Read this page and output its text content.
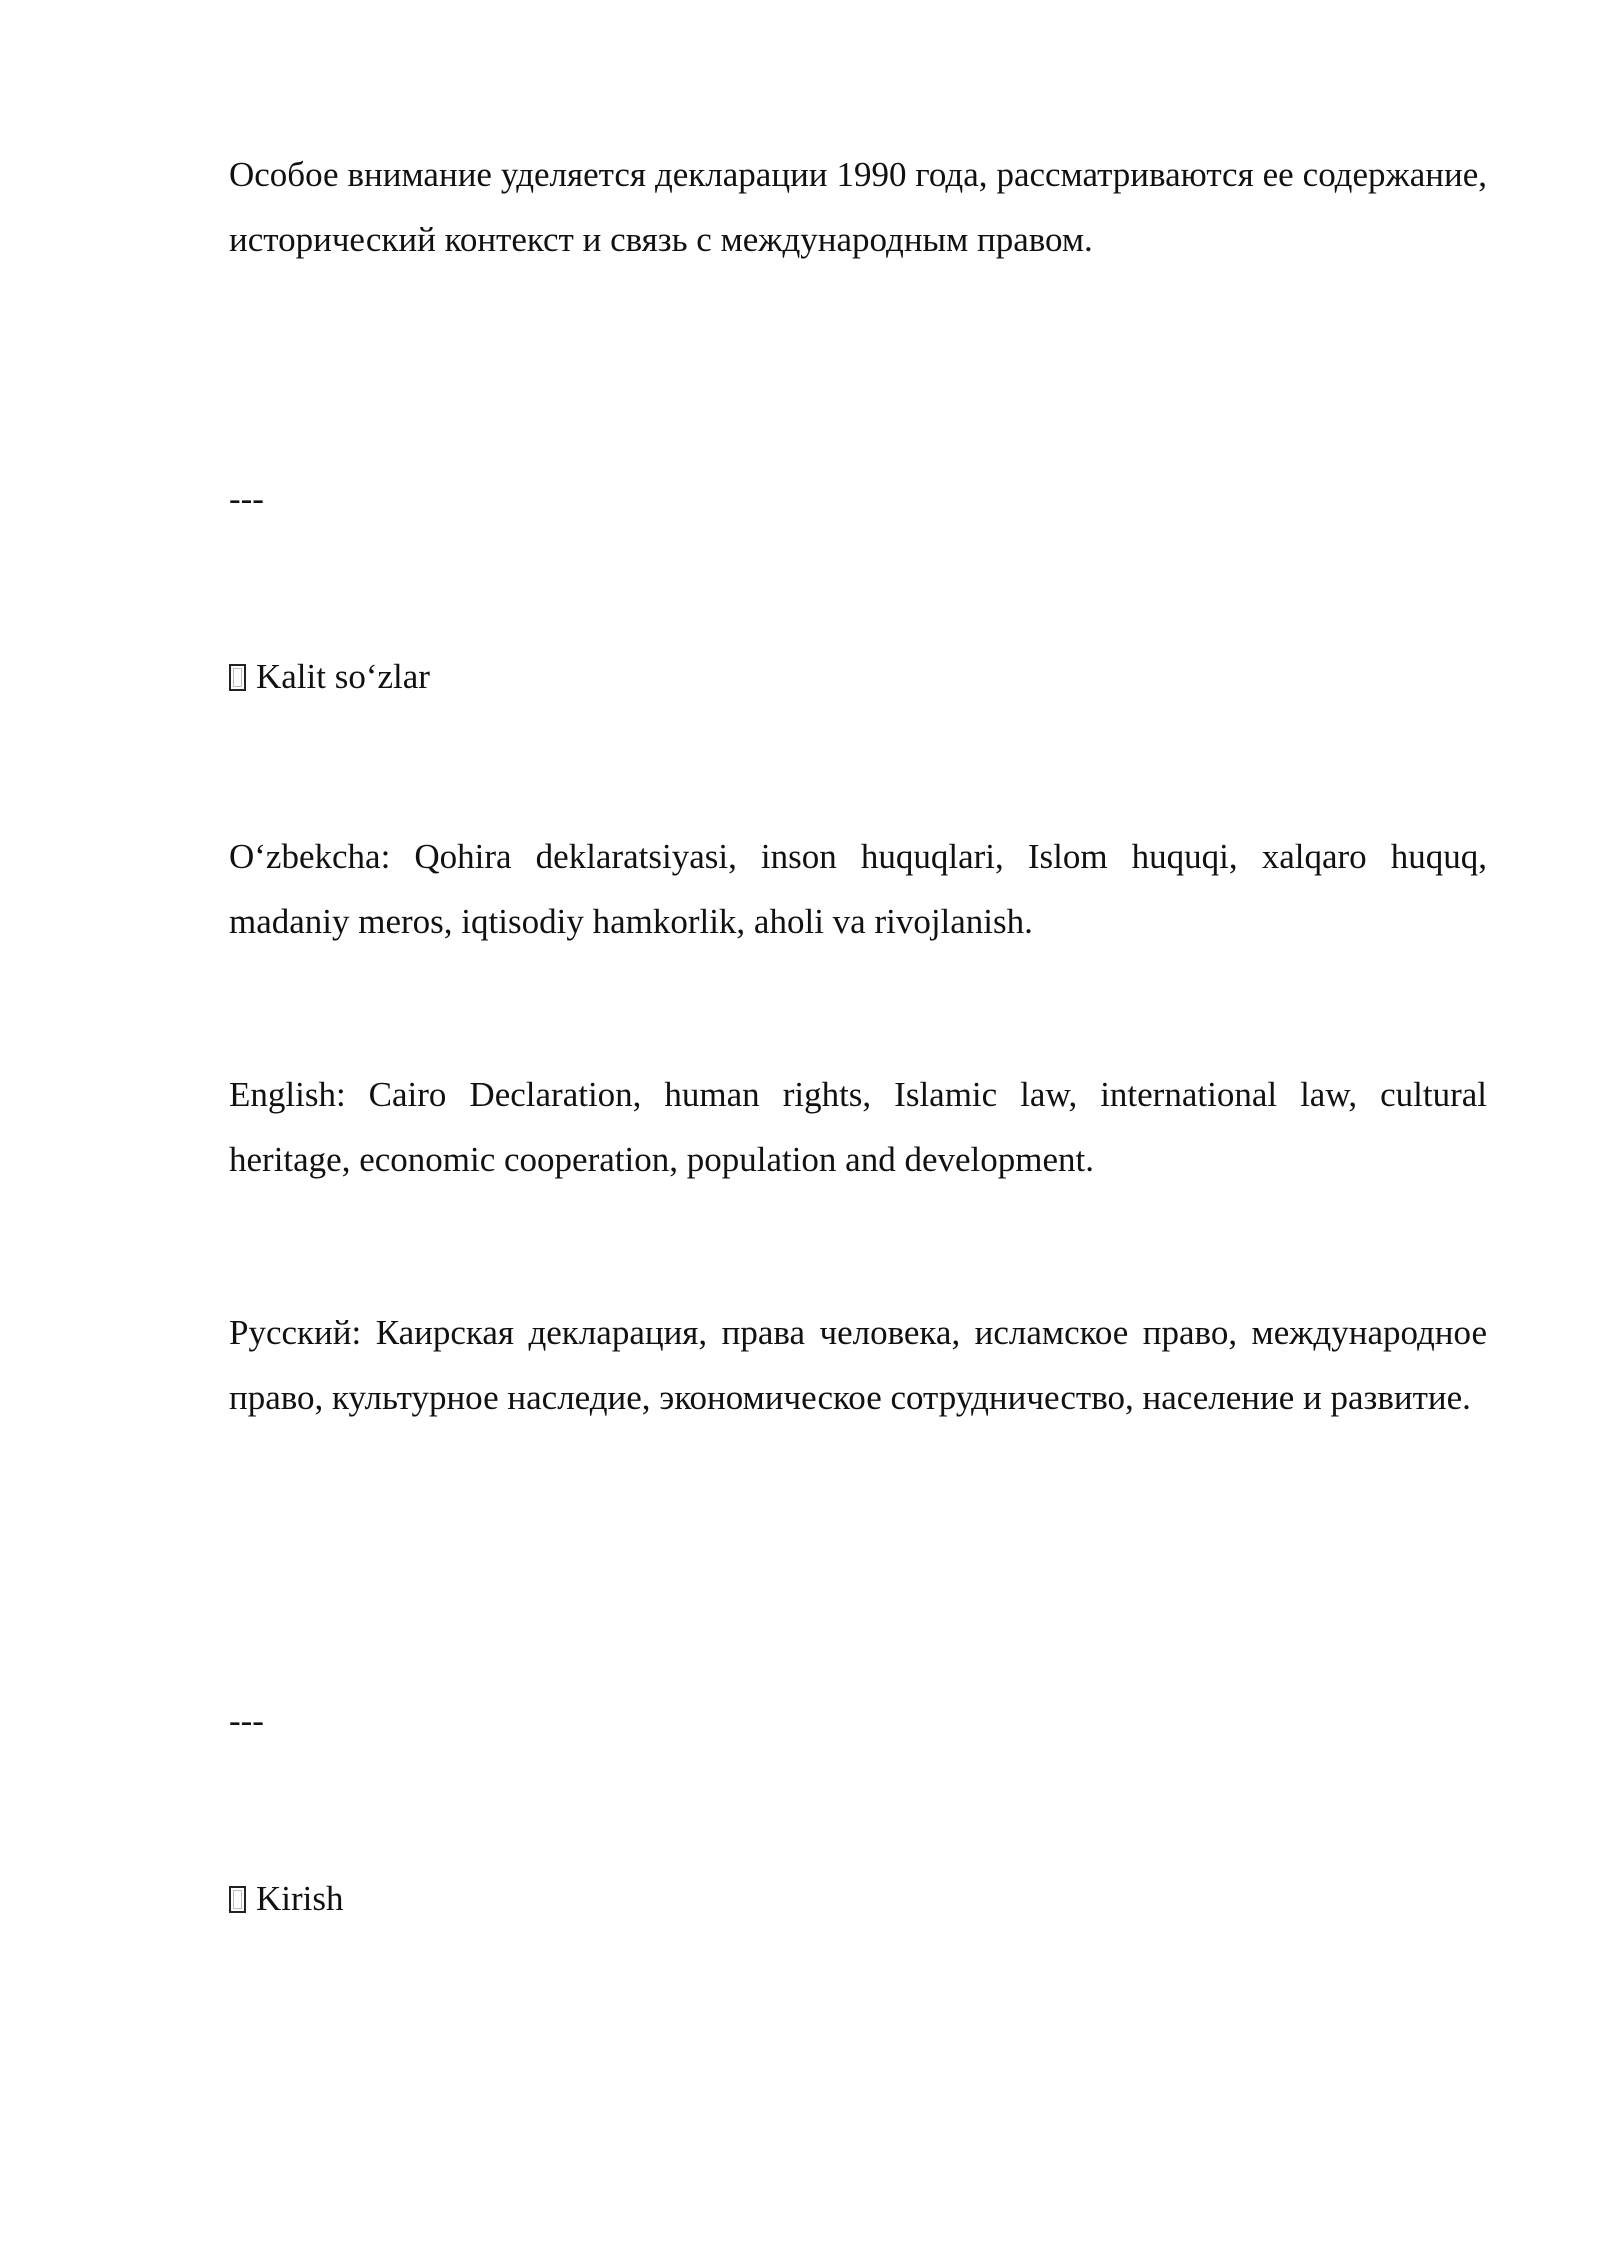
Особое внимание уделяется декларации 1990 года, рассматриваются ее содержание, исторический контекст и связь с международным правом.

---

Kalit so‘zlar

O‘zbekcha: Qohira deklaratsiyasi, inson huquqlari, Islom huquqi, xalqaro huquq, madaniy meros, iqtisodiy hamkorlik, aholi va rivojlanish.

English: Cairo Declaration, human rights, Islamic law, international law, cultural heritage, economic cooperation, population and development.

Русский: Каирская декларация, права человека, исламское право, международное право, культурное наследие, экономическое сотрудничество, население и развитие.

---

Kirish
